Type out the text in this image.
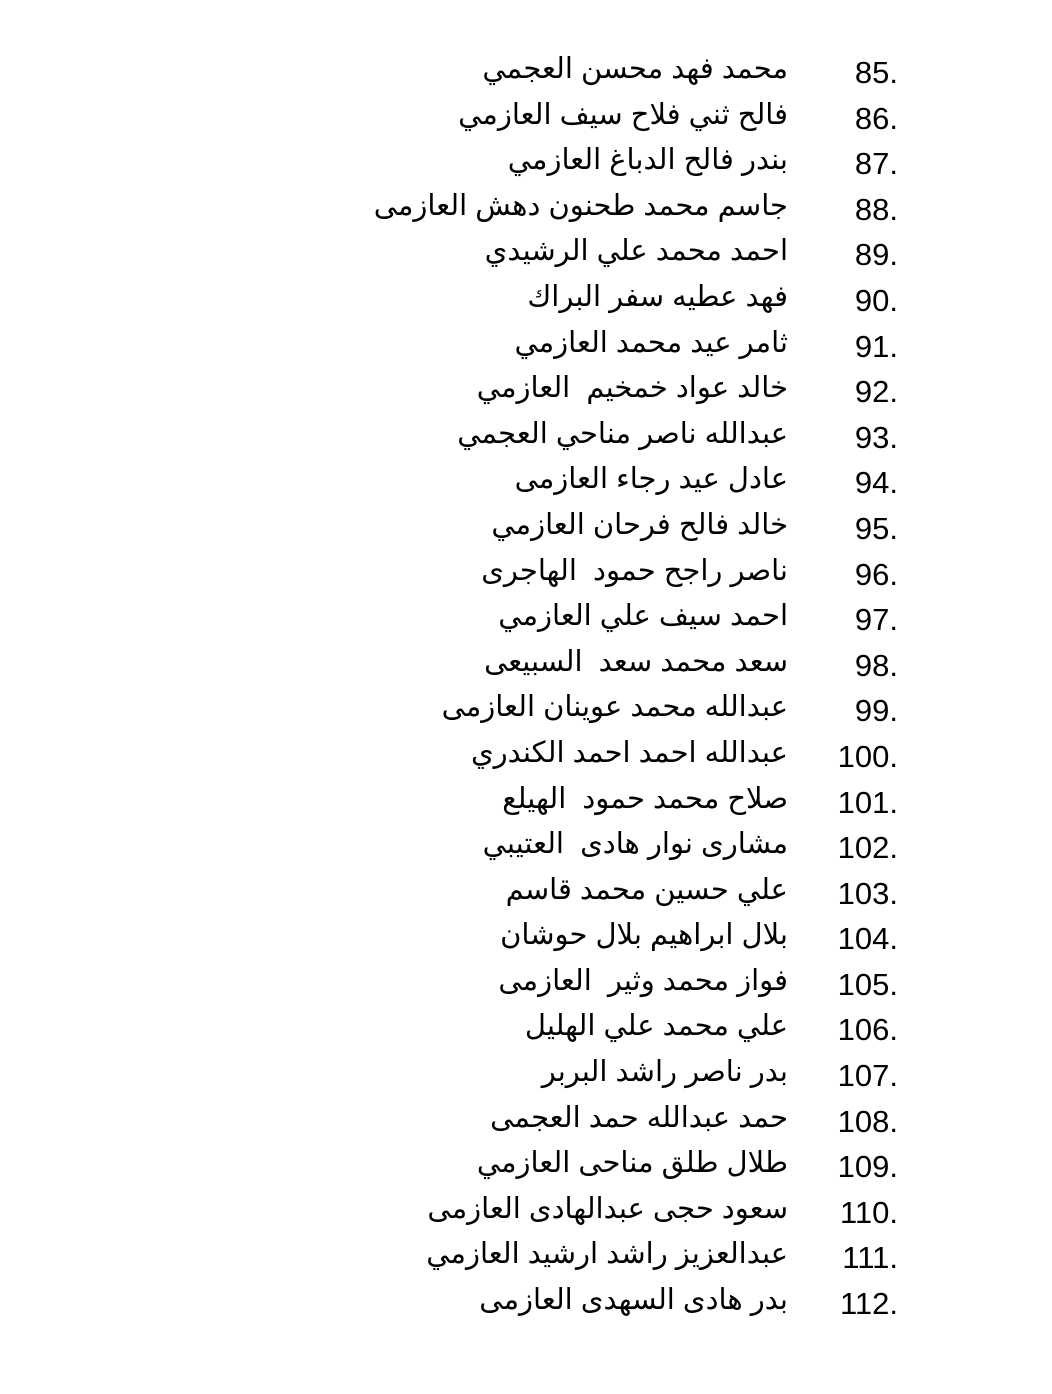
85.
محمد فهد محسن العجمي
86.
فالح ثني فلاح سيف العازمي
87.
بندر فالح الدباغ العازمي
88.
جاسم محمد طحنون دهش العازمى
89.
احمد محمد علي الرشيدي
90.
فهد عطيه سفر البراك
91.
ثامر عيد محمد العازمي
92.
خالد عواد خمخيم  العازمي
93.
عبدالله ناصر مناحي العجمي
94.
عادل عيد رجاء العازمى
95.
خالد فالح فرحان العازمي
96.
ناصر راجح حمود  الهاجرى
97.
احمد سيف علي العازمي
98.
سعد محمد سعد  السبيعى
99.
عبدالله محمد عوينان العازمى
100.
عبدالله احمد احمد الكندري
101.
صلاح محمد حمود  الهيلع
102.
مشارى نوار هادى  العتيبي
103.
علي حسين محمد قاسم
104.
بلال ابراهيم بلال حوشان
105.
فواز محمد وثير  العازمى
106.
علي محمد علي الهليل
107.
بدر ناصر راشد البربر
108.
حمد عبدالله حمد العجمى
109.
طلال طلق مناحى العازمي
110.
سعود حجى عبدالهادى العازمى
111.
عبدالعزيز راشد ارشيد العازمي
112.
بدر هادى السهدى العازمى
